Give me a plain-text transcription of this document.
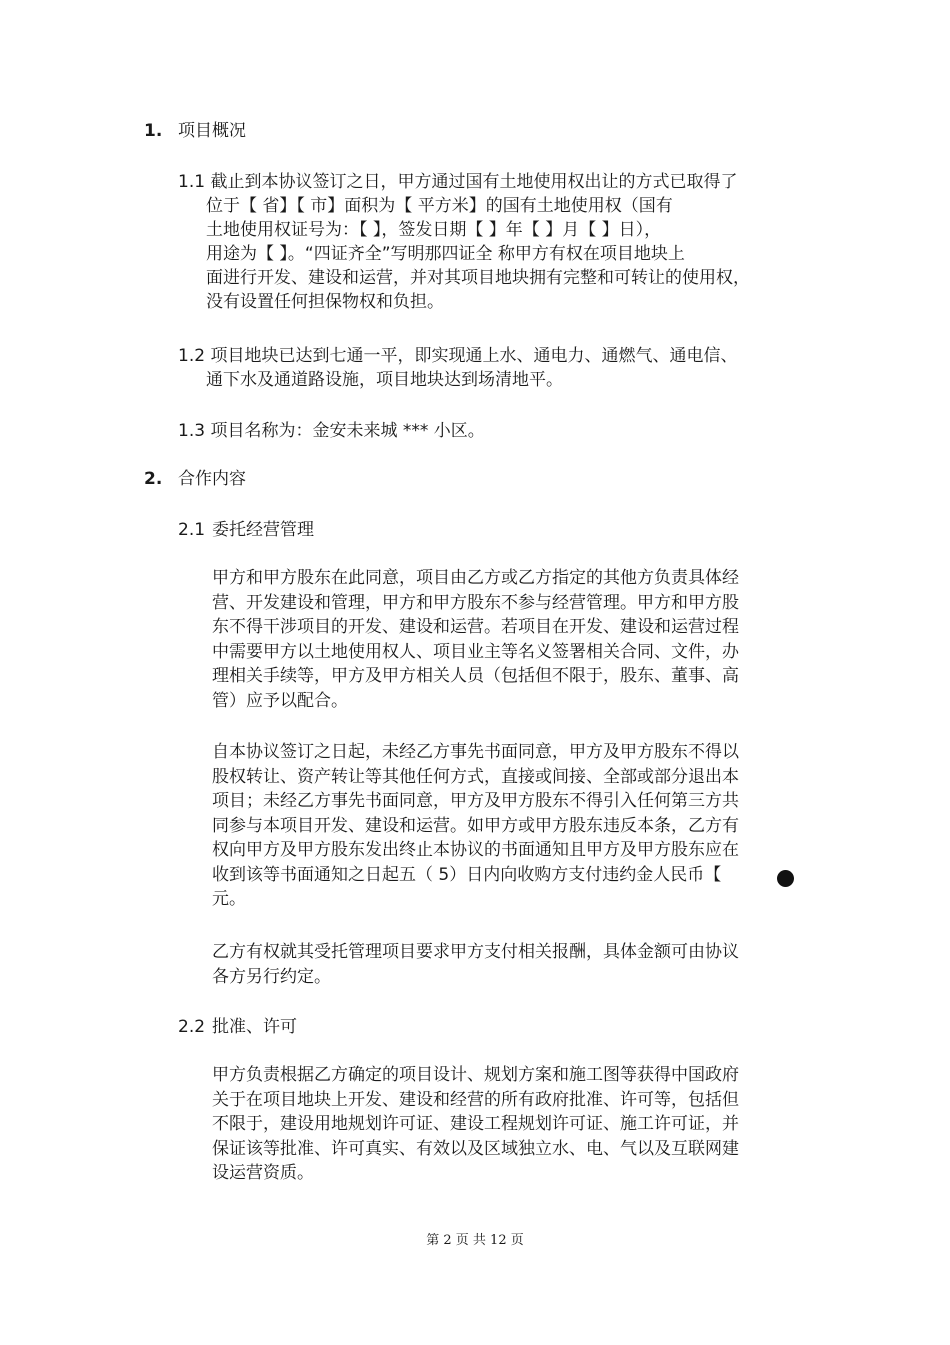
1. 项目概况
1.1 截止到本协议签订之日，甲方通过国有土地使用权出让的方式已取得了
位于【 省】【 市】面积为【 平方米】的国有土地使用权（国有
土地使用权证号为：【 】，签发日期【 】年【 】月【 】日），
用途为【 】。“四证齐全”写明那四证全 称甲方有权在项目地块上
面进行开发、建设和运营，并对其项目地块拥有完整和可转让的使用权，
没有设置任何担保物权和负担。
1.2 项目地块已达到七通一平，即实现通上水、通电力、通燃气、通电信、
通下水及通道路设施，项目地块达到场清地平。
1.3 项目名称为：金安未来城 *** 小区。
2. 合作内容
2.1 委托经营管理
甲方和甲方股东在此同意，项目由乙方或乙方指定的其他方负责具体经
营、开发建设和管理，甲方和甲方股东不参与经营管理。甲方和甲方股
东不得干涉项目的开发、建设和运营。若项目在开发、建设和运营过程
中需要甲方以土地使用权人、项目业主等名义签署相关合同、文件，办
理相关手续等，甲方及甲方相关人员（包括但不限于，股东、董事、高
管）应予以配合。
自本协议签订之日起，未经乙方事先书面同意，甲方及甲方股东不得以
股权转让、资产转让等其他任何方式，直接或间接、全部或部分退出本
项目；未经乙方事先书面同意，甲方及甲方股东不得引入任何第三方共
同参与本项目开发、建设和运营。如甲方或甲方股东违反本条，乙方有
权向甲方及甲方股东发出终止本协议的书面通知且甲方及甲方股东应在
收到该等书面通知之日起五（ 5）日内向收购方支付违约金人民币【
元。
乙方有权就其受托管理项目要求甲方支付相关报酬，具体金额可由协议
各方另行约定。
2.2 批准、许可
甲方负责根据乙方确定的项目设计、规划方案和施工图等获得中国政府
关于在项目地块上开发、建设和经营的所有政府批准、许可等，包括但
不限于，建设用地规划许可证、建设工程规划许可证、施工许可证，并
保证该等批准、许可真实、有效以及区域独立水、电、气以及互联网建
设运营资质。
第 2 页 共 12 页
